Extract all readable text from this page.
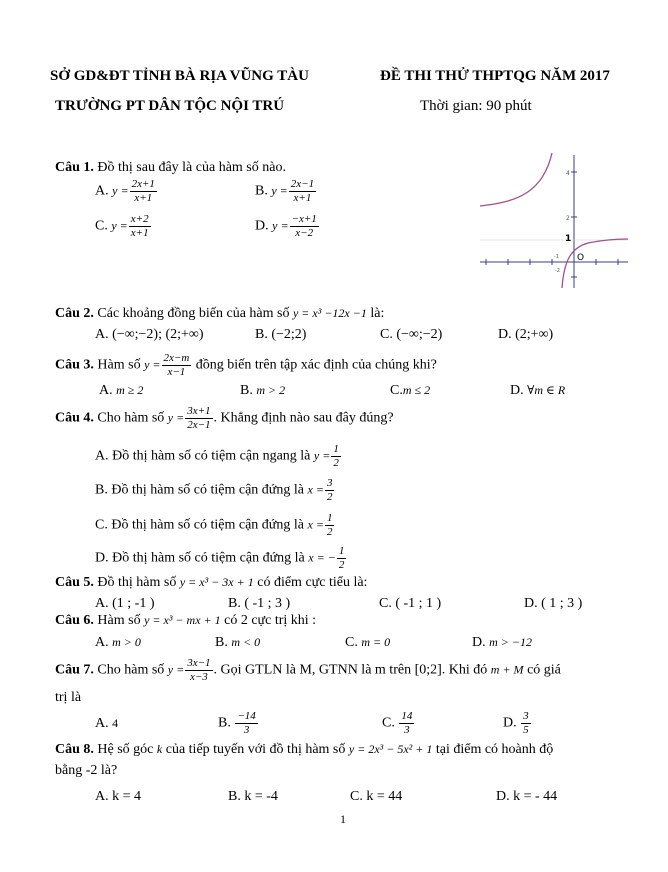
SỞ GD&ĐT TỈNH BÀ RỊA VŨNG TÀU	ĐỀ THI THỬ THPTQG NĂM 2017
TRƯỜNG PT DÂN TỘC NỘI TRÚ	Thời gian: 90 phút
Câu 1. Đồ thị sau đây là của hàm số nào.
A. $y = \frac{2x+1}{x+1}$	B. $y = \frac{2x-1}{x+1}$
C. $y = \frac{x+2}{x+1}$	D. $y = \frac{-x+1}{x-2}$
4
2
1
O
-1
-2
Câu 2. Các khoảng đồng biến của hàm số y = x³ −12x −1 là:
A. (−∞;−2); (2;+∞)	B. (−2;2)	C. (−∞;−2)	D. (2;+∞)
Câu 3. Hàm số $y = \frac{2x-m}{x-1}$ đồng biến trên tập xác định của chúng khi?
A. m ≥ 2	B. m > 2	C.m ≤ 2	D. ∀m ∈ R
Câu 4. Cho hàm số $y = \frac{3x+1}{2x-1}$ . Khẳng định nào sau đây đúng?
A. Đồ thị hàm số có tiệm cận ngang là $y = \frac{1}{2}$
B. Đồ thị hàm số có tiệm cận đứng là $x = \frac{3}{2}$
C. Đồ thị hàm số có tiệm cận đứng là $x = \frac{1}{2}$
D. Đồ thị hàm số có tiệm cận đứng là x = − $\frac{1}{2}$
Câu 5. Đồ thị hàm số y = x³ − 3x + 1 có điểm cực tiểu là:
A. (1 ; -1 )	B. ( -1 ; 3 )	C. ( -1 ; 1 )	D. ( 1 ; 3 )
Câu 6. Hàm số y = x³ − mx + 1 có 2 cực trị khi :
A. m > 0	B. m < 0	C. m = 0	D. m > −12
Câu 7. Cho hàm số $y = \frac{3x-1}{x-3}$ . Gọi GTLN là M, GTNN là m trên [0;2]. Khi đó m + M có giá
trị là
A. 4	B. $\frac{-14}{3}$	C. $\frac{14}{3}$	D. $\frac{3}{5}$
Câu 8. Hệ số góc k của tiếp tuyến với đồ thị hàm số y = 2x³ − 5x² + 1 tại điểm có hoành độ
bằng -2 là?
A. k = 4	B. k = -4	C. k = 44	D. k = - 44
1
